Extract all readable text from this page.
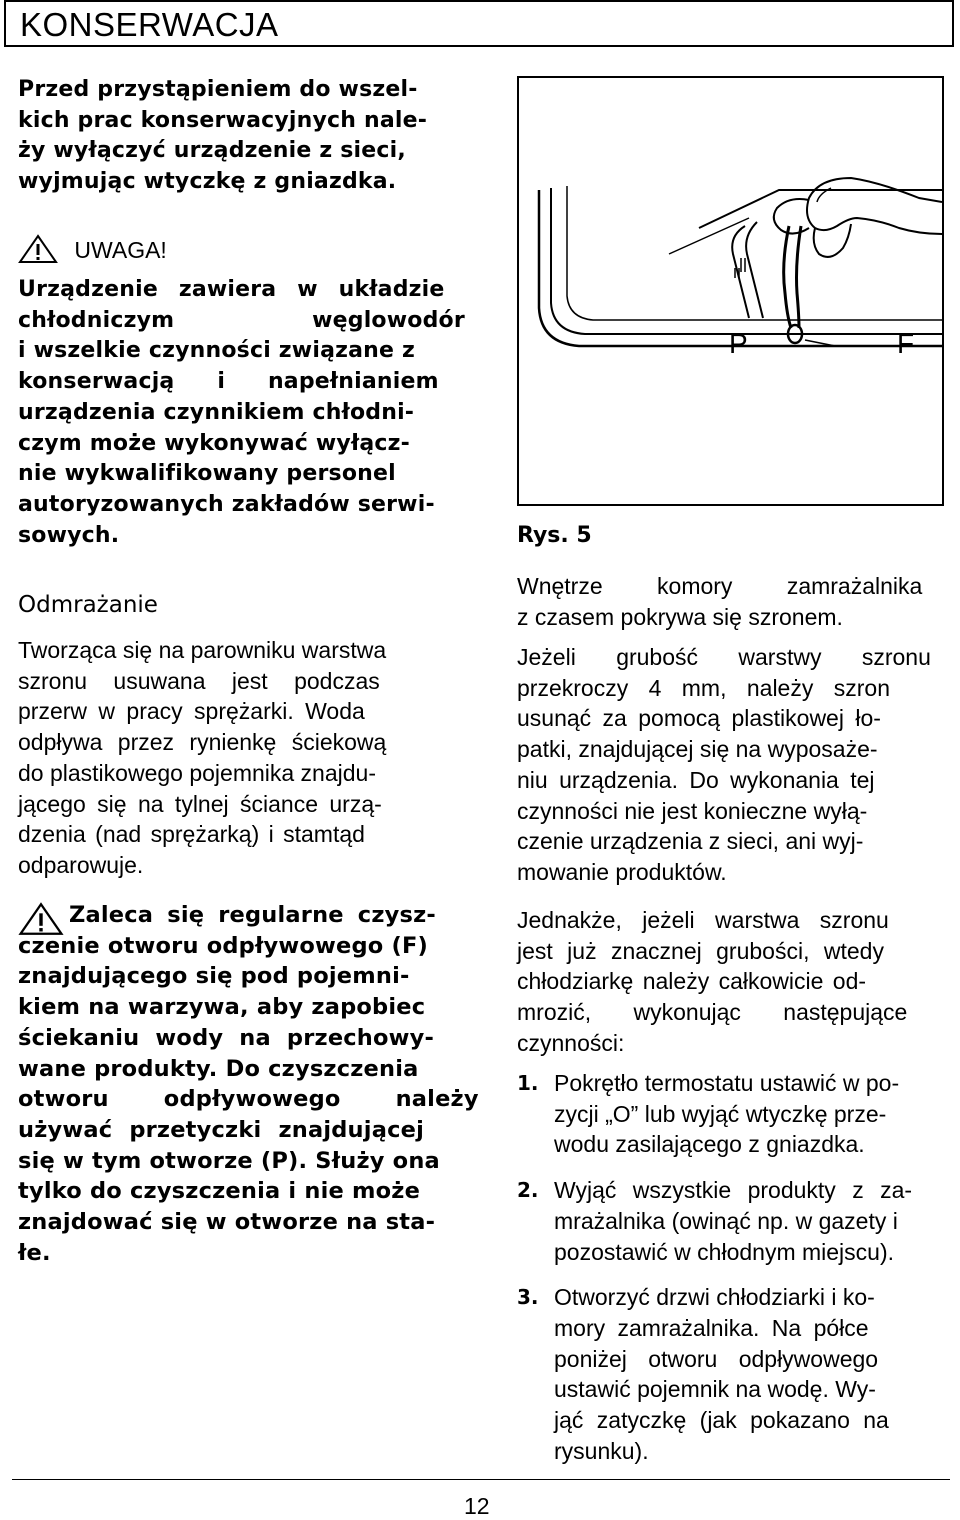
KONSERWACJA
Przed przystąpieniem do wszel-
kich prac konserwacyjnych nale-
ży wyłączyć urządzenie z sieci,
wyjmując wtyczkę z gniazdka.
UWAGA!
Urządzenie zawiera w układzie
chłodniczym węglowodór
i wszelkie czynności związane z
konserwacją i napełnianiem
urządzenia czynnikiem chłodni-
czym może wykonywać wyłącz-
nie wykwalifikowany personel
autoryzowanych zakładów serwi-
sowych.
Odmrażanie
Tworząca się na parowniku warstwa
szronu usuwana jest podczas
przerw w pracy sprężarki. Woda
odpływa przez rynienkę ściekową
do plastikowego pojemnika znajdu-
jącego się na tylnej ściance urzą-
dzenia (nad sprężarką) i stamtąd
odparowuje.
Zaleca się regularne czysz-
czenie otworu odpływowego (F)
znajdującego się pod pojemni-
kiem na warzywa, aby zapobiec
ściekaniu wody na przechowy-
wane produkty. Do czyszczenia
otworu odpływowego należy
używać przetyczki znajdującej
się w tym otworze (P). Służy ona
tylko do czyszczenia i nie może
znajdować się w otworze na sta-
łe.
P	F
Rys. 5
Wnętrze komory zamrażalnika
z czasem pokrywa się szronem.
Jeżeli grubość warstwy szronu
przekroczy 4 mm, należy szron
usunąć za pomocą plastikowej ło-
patki, znajdującej się na wyposaże-
niu urządzenia. Do wykonania tej
czynności nie jest konieczne wyłą-
czenie urządzenia z sieci, ani wyj-
mowanie produktów.
Jednakże, jeżeli warstwa szronu
jest już znacznej grubości, wtedy
chłodziarkę należy całkowicie od-
mrozić, wykonując następujące
czynności:
1. Pokrętło termostatu ustawić w po-
zycji „O” lub wyjąć wtyczkę prze-
wodu zasilającego z gniazdka.
2. Wyjąć wszystkie produkty z za-
mrażalnika (owinąć np. w gazety i
pozostawić w chłodnym miejscu).
3. Otworzyć drzwi chłodziarki i ko-
mory zamrażalnika. Na półce
poniżej otworu odpływowego
ustawić pojemnik na wodę. Wy-
jąć zatyczkę (jak pokazano na
rysunku).
12
